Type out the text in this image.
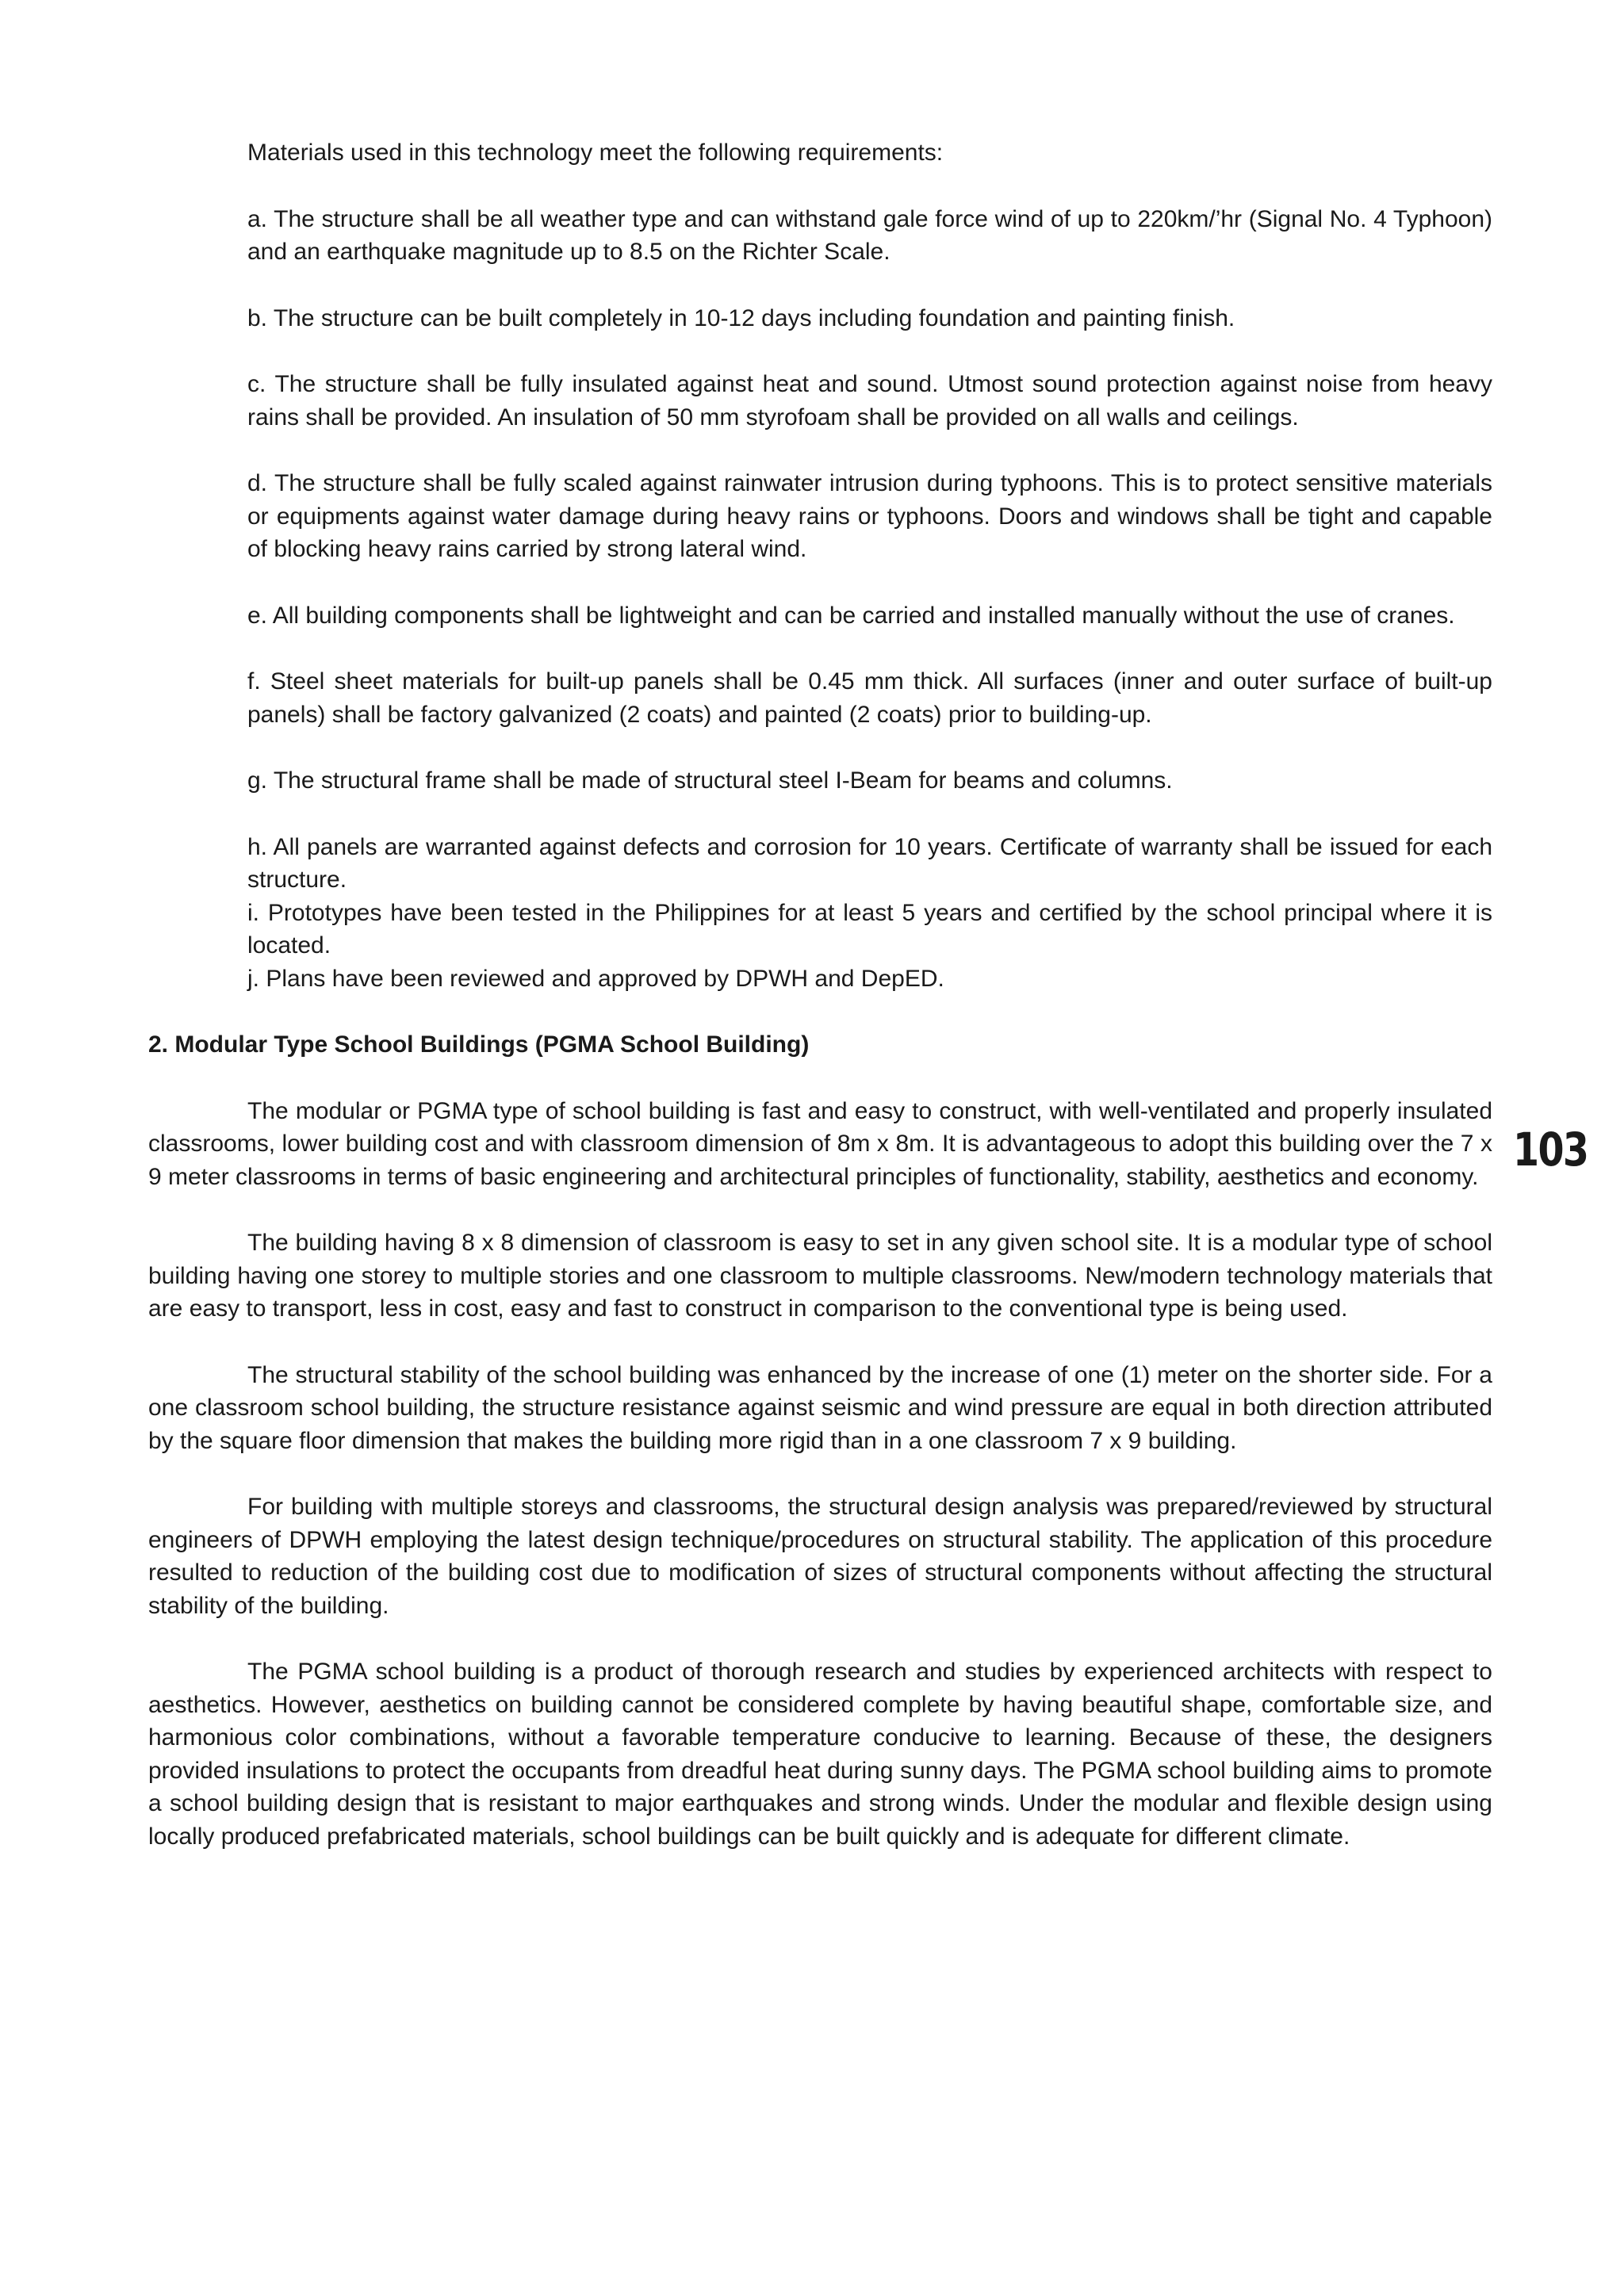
Materials used in this technology meet the following requirements:

a. The structure shall be all weather type and can withstand gale force wind of up to 220km/’hr (Signal No. 4 Typhoon) and an earthquake magnitude up to 8.5 on the Richter Scale.
b. The structure can be built completely in 10-12 days including foundation and painting finish.
c. The structure shall be fully insulated against heat and sound. Utmost sound protection against noise from heavy rains shall be provided. An insulation of 50 mm styrofoam shall be provided on all walls and ceilings.
d. The structure shall be fully scaled against rainwater intrusion during typhoons. This is to protect sensitive materials or equipments against water damage during heavy rains or typhoons. Doors and windows shall be tight and capable of blocking heavy rains carried by strong lateral wind.
e. All building components shall be lightweight and can be carried and installed manually without the use of cranes.
f. Steel sheet materials for built-up panels shall be 0.45 mm thick. All surfaces (inner and outer surface of built-up panels) shall be factory galvanized (2 coats) and painted (2 coats) prior to building-up.
g. The structural frame shall be made of structural steel I-Beam for beams and columns.
h. All panels are warranted against defects and corrosion for 10 years. Certificate of warranty shall be issued for each structure.
i. Prototypes have been tested in the Philippines for at least 5 years and certified by the school principal where it is located.
j. Plans have been reviewed and approved by DPWH and DepED.

2. Modular Type School Buildings (PGMA School Building)

The modular or PGMA type of school building is fast and easy to construct, with well-ventilated and properly insulated classrooms, lower building cost and with classroom dimension of 8m x 8m. It is advantageous to adopt this building over the 7 x 9 meter classrooms in terms of basic engineering and architectural principles of functionality, stability, aesthetics and economy.

The building having 8 x 8 dimension of classroom is easy to set in any given school site. It is a modular type of school building having one storey to multiple stories and one classroom to multiple classrooms. New/modern technology materials that are easy to transport, less in cost, easy and fast to construct in comparison to the conventional type is being used.

The structural stability of the school building was enhanced by the increase of one (1) meter on the shorter side. For a one classroom school building, the structure resistance against seismic and wind pressure are equal in both direction attributed by the square floor dimension that makes the building more rigid than in a one classroom 7 x 9 building.

For building with multiple storeys and classrooms, the structural design analysis was prepared/reviewed by structural engineers of DPWH employing the latest design technique/procedures on structural stability. The application of this procedure resulted to reduction of the building cost due to modification of sizes of structural components without affecting the structural stability of the building.

The PGMA school building is a product of thorough research and studies by experienced architects with respect to aesthetics. However, aesthetics on building cannot be considered complete by having beautiful shape, comfortable size, and harmonious color combinations, without a favorable temperature conducive to learning. Because of these, the designers provided insulations to protect the occupants from dreadful heat during sunny days. The PGMA school building aims to promote a school building design that is resistant to major earthquakes and strong winds. Under the modular and flexible design using locally produced prefabricated materials, school buildings can be built quickly and is adequate for different climate.

103
